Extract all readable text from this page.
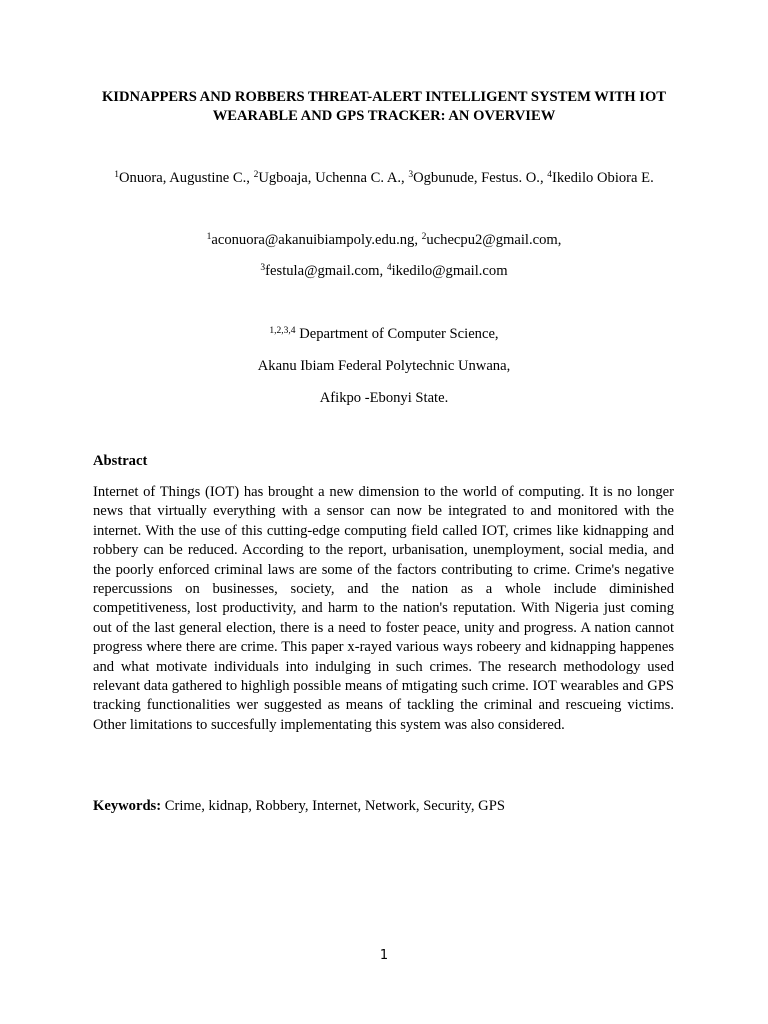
KIDNAPPERS AND ROBBERS THREAT-ALERT INTELLIGENT SYSTEM WITH IOT WEARABLE AND GPS TRACKER: AN OVERVIEW

$^1$Onuora, Augustine C., $^2$Ugboaja, Uchenna C. A., $^3$Ogbunude, Festus. O., $^4$Ikedilo Obiora E.

$^1$aconuora@akanuibiampoly.edu.ng, $^2$uchecpu2@gmail.com,

$^3$festula@gmail.com, $^4$ikedilo@gmail.com

$^{1,2,3,4}$ Department of Computer Science,

Akanu Ibiam Federal Polytechnic Unwana,

Afikpo -Ebonyi State.

Abstract

Internet of Things (IOT) has brought a new dimension to the world of computing. It is no longer news that virtually everything with a sensor can now be integrated to and monitored with the internet. With the use of this cutting-edge computing field called IOT, crimes like kidnapping and robbery can be reduced. According to the report, urbanisation, unemployment, social media, and the poorly enforced criminal laws are some of the factors contributing to crime. Crime's negative repercussions on businesses, society, and the nation as a whole include diminished competitiveness, lost productivity, and harm to the nation's reputation. With Nigeria just coming out of the last general election, there is a need to foster peace, unity and progress. A nation cannot progress where there are crime. This paper x-rayed various ways robeery and kidnapping happenes and what motivate individuals into indulging in such crimes. The research methodology used relevant data gathered to highligh possible means of mtigating such crime. IOT wearables and GPS tracking functionalities wer suggested as means of tackling the criminal and rescueing victims. Other limitations to succesfully implementating this system was also considered.

Keywords: Crime, kidnap, Robbery, Internet, Network, Security, GPS

1
